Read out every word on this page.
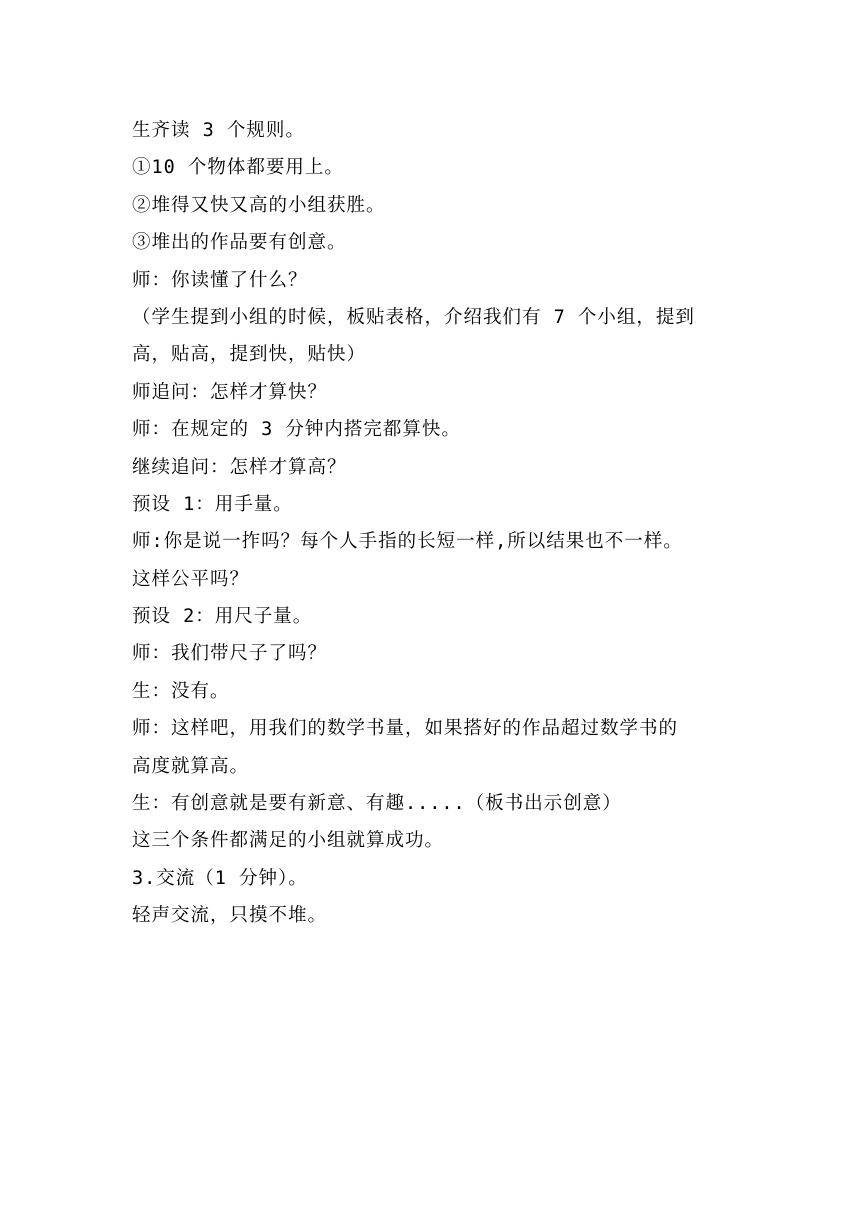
生齐读 3 个规则。
①10 个物体都要用上。
②堆得又快又高的小组获胜。
③堆出的作品要有创意。
师：你读懂了什么？
（学生提到小组的时候，板贴表格，介绍我们有 7 个小组，提到
高，贴高，提到快，贴快）
师追问：怎样才算快？
师：在规定的 3 分钟内搭完都算快。
继续追问：怎样才算高？
预设 1：用手量。
师:你是说一拃吗？每个人手指的长短一样,所以结果也不一样。
这样公平吗？
预设 2：用尺子量。
师：我们带尺子了吗？
生：没有。
师：这样吧，用我们的数学书量，如果搭好的作品超过数学书的
高度就算高。
生：有创意就是要有新意、有趣.....（板书出示创意）
这三个条件都满足的小组就算成功。
3.交流（1 分钟）。
轻声交流，只摸不堆。
